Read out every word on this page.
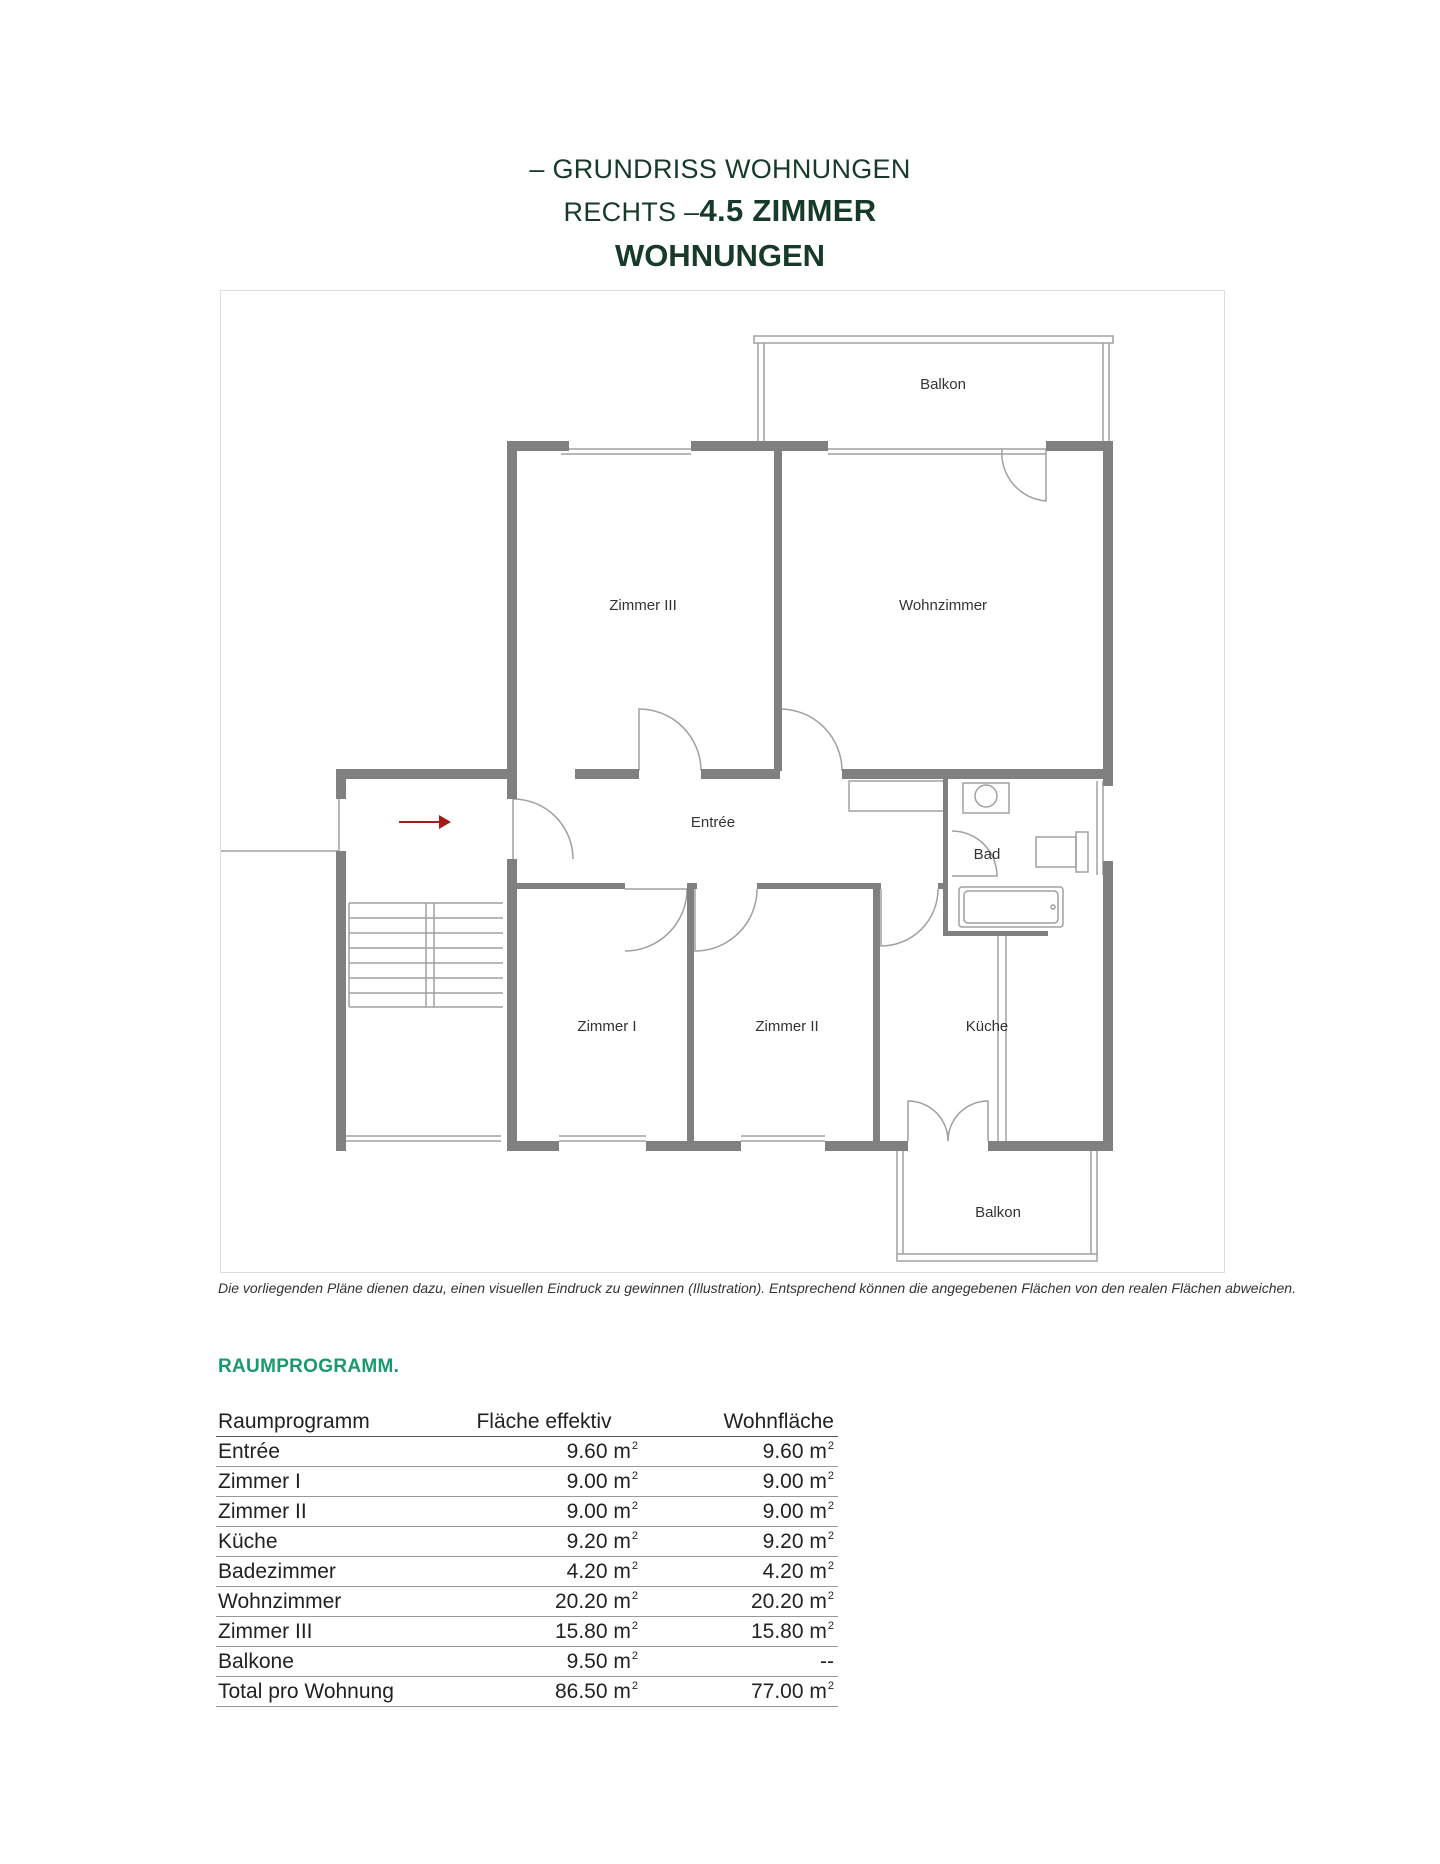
– GRUNDRISS WOHNUNGEN
RECHTS –4.5 ZIMMER
WOHNUNGEN
Balkon
Zimmer III	Wohnzimmer
Entrée
Bad
Zimmer I	Zimmer II	Küche
Balkon
Die vorliegenden Pläne dienen dazu, einen visuellen Eindruck zu gewinnen (Illustration). Entsprechend können die angegebenen Flächen von den realen Flächen abweichen.
RAUMPROGRAMM.
Raumprogramm	Fläche effektiv	Wohnfläche
Entrée	9.60 $m^2$	9.60 $m^2$
Zimmer I	9.00 $m^2$	9.00 $m^2$
Zimmer II	9.00 $m^2$	9.00 $m^2$
Küche	9.20 $m^2$	9.20 $m^2$
Badezimmer	4.20 $m^2$	4.20 $m^2$
Wohnzimmer	20.20 $m^2$	20.20 $m^2$
Zimmer III	15.80 $m^2$	15.80 $m^2$
Balkone	9.50 $m^2$	--
Total pro Wohnung	86.50 $m^2$	77.00 $m^2$
